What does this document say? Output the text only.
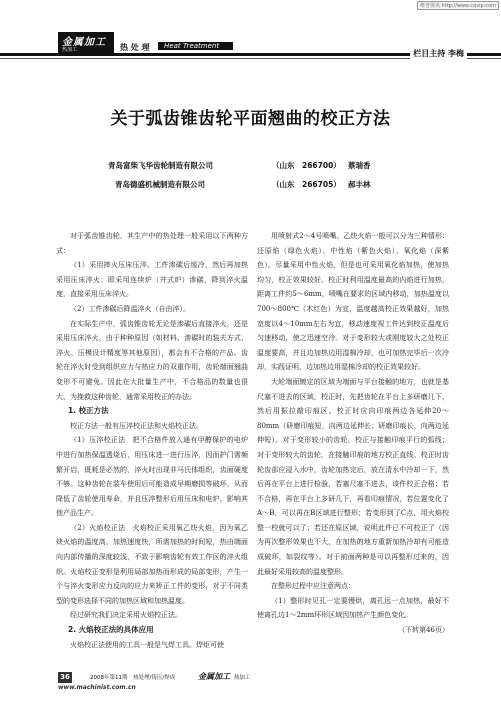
维普资讯 http://www.cqvip.com
金属加工
热加工	热 处 理	Heat Treatment
栏目主持 李梅
关于弧齿锥齿轮平面翘曲的校正方法
青岛富柴飞华齿轮制造有限公司	（山东　266700） 蔡瑞香
青岛德盛机械制造有限公司	（山东　266705） 郝丰林

对于弧齿锥齿轮，其生产中的热处理一般采用以下两种方式：

（1）采用摔火压床压淬。工件渗碳后缓冷，然后再加热采用压床淬火；即采用连续炉（井式炉）渗碳，降到淬火温度，直接采用压床淬火。

（2）工件渗碳后降温淬火（自由淬）。

在实际生产中，弧齿锥齿轮无论是渗碳后直接淬火，还是采用压床淬火，由于种种原因（如材料、渗碳时的装夫方式、淬火、压模设计精度等其他原因），都会有不合格的产品。齿轮在淬火时受到组织应力与热应力的双重作用，齿轮端面翘曲变形不可避免。因此在大批量生产中，不合格品的数量也很大，为挽救这种齿轮，通常采用校正的办法。

1. 校正方法

校正方法一般有压淬校正法和火焰校正法。

（1）压淬校正法　把不合格件放入通有甲醇保护的电炉中进行加热保温透烧后，用压床进一进行压淬，因而护门需频繁开启，既耗是必然的，淬火时出现非马氏体组织，齿面硬度不够。这种齿轮在装车使用后可能造成早期磨损等破坏，从而降低了齿轮使用寿命，并且压淬整形后用压床和电炉，影响其他产品生产。

（2）火焰校正法　火焰校正采用氧乙炔火焰，因为氧乙炔火焰的温度高，加热速度快，所需加热的时间短，热由端面向内部传播的深度较浅，不致于影响齿轮有效工作区的淬火组织。火焰校正变形是利用局部加热而形成的局部变形，产生一个与淬火变形应力反向的应力来矫正工件的变形，对于不同类型的变形选择不同的加热区域和加热温度。

经过研究我们决定采用火焰校正法。

2. 火焰校正法的具体应用

火焰校正法使用的工具一般是气焊工具。焊炬可使

用喷射式2～4号喷嘴。乙炔火焰一般可以分为三种情形：还原焰（绿色火焰）、中性焰（紫色火焰）、氧化焰（深紫色）。尽量采用中性火焰，但是也可采用氧化焰加热，使加热均匀，校正效果较好。校正时利用温度最高的内焰进行加热，距离工件约5～6mm，喷嘴在要求的区域内移动，加热温度以700～800℃（木红色）为宜，温度越高校正效果越好，加热宽度以4～10mm左右为宜，移动速度视工件达到校正温度后匀速移动，使之迅速空冷。对于变形较大或刚度较大之处校正温度要高，并且边加热边用湿棉冷却，也可加热完毕后一次冷却，实践证明，边加热边用湿棉冷却的校正效果较好。

大轮端面镀定的区域为端面与平台接触的地方，也就是基尺塞不进去的区域，校正时，先把齿轮在平台上多研磨几下，然后用振拉敲印痕区。校正时应向印痕两边各延伸20～80mm（研磨印痕短，向两边延伸长；研磨印痕长，向两边延伸短）。对于变形较小的齿轮，校正与接触印痕平行的弧线；对于变形较大的齿轮，在接触印痕的地方校正直线。校正时齿轮齿部应浸入水中，齿轮加热完后，放在清水中冷却一下，然后再在平台上进行检验，若塞尺塞不进去，该件校正合格；若不合格，再在平台上多研几下，再看印痕情况，若位置变化了A～B，可以再在B区域进行整形；若变形到了C点，用火焰校整一校就可以了；若还在原区域，说明此件已不可校正了（因为再次整形效果也不大，在加热的地方重新加热冷却有可能造成破坏，如裂纹等）。对于前面两种是可以再整形过来的，因此最好采用较高的温度整形。

在整形过程中应注意两点：

（1）整形时见孔一定要慢烘，离孔远一点加热，最好不使离孔边1～2mm环形区域因加热产生颜色变化。

（下转第46页）

36	2008年第11期　热处理/铸压/焊成
www.machinist.com.cn
金属加工 热加工
